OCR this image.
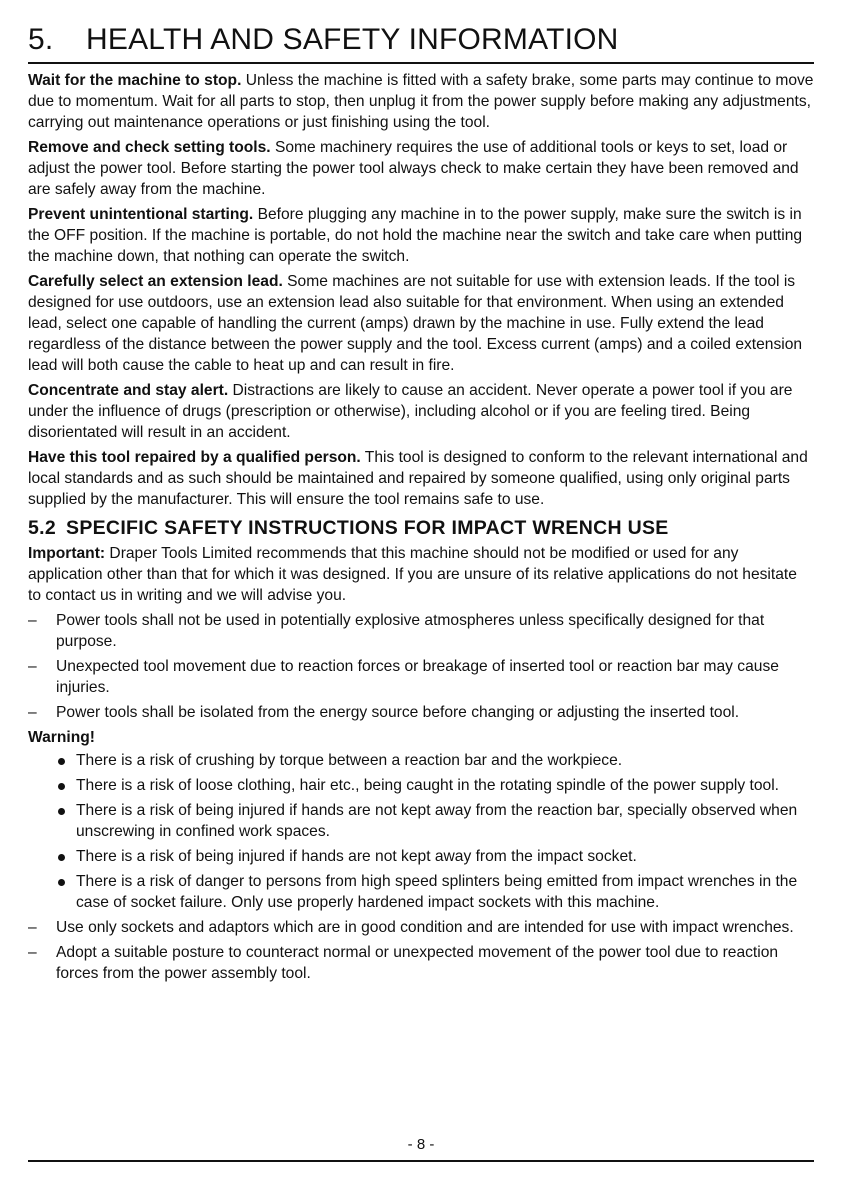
5. HEALTH AND SAFETY INFORMATION

Wait for the machine to stop. Unless the machine is fitted with a safety brake, some parts may continue to move due to momentum. Wait for all parts to stop, then unplug it from the power supply before making any adjustments, carrying out maintenance operations or just finishing using the tool.

Remove and check setting tools. Some machinery requires the use of additional tools or keys to set, load or adjust the power tool. Before starting the power tool always check to make certain they have been removed and are safely away from the machine.

Prevent unintentional starting. Before plugging any machine in to the power supply, make sure the switch is in the OFF position. If the machine is portable, do not hold the machine near the switch and take care when putting the machine down, that nothing can operate the switch.

Carefully select an extension lead. Some machines are not suitable for use with extension leads. If the tool is designed for use outdoors, use an extension lead also suitable for that environment. When using an extended lead, select one capable of handling the current (amps) drawn by the machine in use. Fully extend the lead regardless of the distance between the power supply and the tool. Excess current (amps) and a coiled extension lead will both cause the cable to heat up and can result in fire.

Concentrate and stay alert. Distractions are likely to cause an accident. Never operate a power tool if you are under the influence of drugs (prescription or otherwise), including alcohol or if you are feeling tired. Being disorientated will result in an accident.

Have this tool repaired by a qualified person. This tool is designed to conform to the relevant international and local standards and as such should be maintained and repaired by someone qualified, using only original parts supplied by the manufacturer. This will ensure the tool remains safe to use.

5.2 SPECIFIC SAFETY INSTRUCTIONS FOR IMPACT WRENCH USE

Important: Draper Tools Limited recommends that this machine should not be modified or used for any application other than that for which it was designed. If you are unsure of its relative applications do not hesitate to contact us in writing and we will advise you.

–	Power tools shall not be used in potentially explosive atmospheres unless specifically designed for that purpose.
–	Unexpected tool movement due to reaction forces or breakage of inserted tool or reaction bar may cause injuries.
–	Power tools shall be isolated from the energy source before changing or adjusting the inserted tool.
Warning!
There is a risk of crushing by torque between a reaction bar and the workpiece.
There is a risk of loose clothing, hair etc., being caught in the rotating spindle of the power supply tool.
There is a risk of being injured if hands are not kept away from the reaction bar, specially observed when unscrewing in confined work spaces.
There is a risk of being injured if hands are not kept away from the impact socket.
There is a risk of danger to persons from high speed splinters being emitted from impact wrenches in the case of socket failure. Only use properly hardened impact sockets with this machine.
–	Use only sockets and adaptors which are in good condition and are intended for use with impact wrenches.
–	Adopt a suitable posture to counteract normal or unexpected movement of the power tool due to reaction forces from the power assembly tool.
- 8 -
